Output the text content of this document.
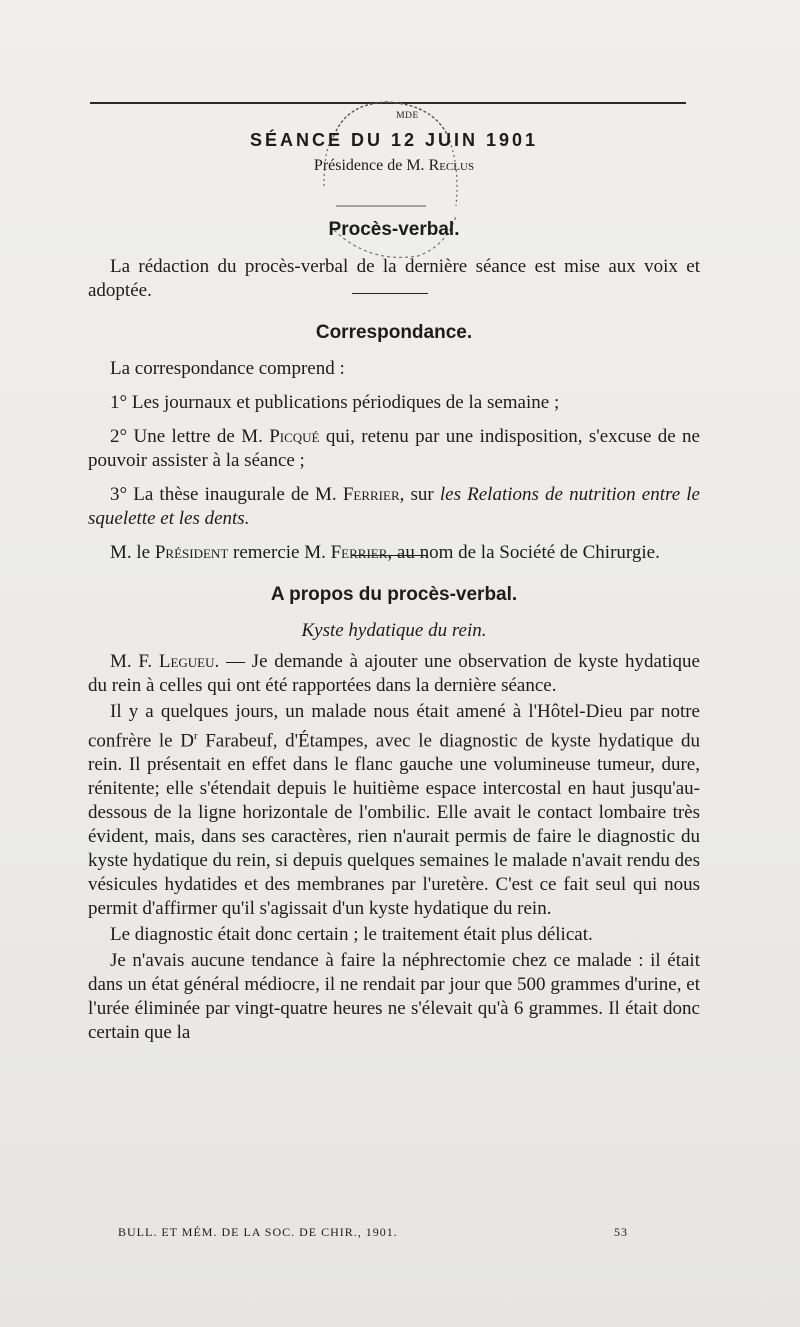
ᴍᴅᴇ
SÉANCE DU 12 JUIN 1901
Présidence de M. Reclus
Procès-verbal.

La rédaction du procès-verbal de la dernière séance est mise aux voix et adoptée.

Correspondance.

La correspondance comprend :

1° Les journaux et publications périodiques de la semaine ;

2° Une lettre de M. Picqué qui, retenu par une indisposition, s'excuse de ne pouvoir assister à la séance ;

3° La thèse inaugurale de M. Ferrier, sur les Relations de nutrition entre le squelette et les dents.

M. le Président remercie M. Ferrier, au nom de la Société de Chirurgie.

A propos du procès-verbal.
Kyste hydatique du rein.

M. F. Legueu. — Je demande à ajouter une observation de kyste hydatique du rein à celles qui ont été rapportées dans la dernière séance.

Il y a quelques jours, un malade nous était amené à l'Hôtel-Dieu par notre confrère le $D^r$ Farabeuf, d'Étampes, avec le diagnostic de kyste hydatique du rein. Il présentait en effet dans le flanc gauche une volumineuse tumeur, dure, rénitente; elle s'étendait depuis le huitième espace intercostal en haut jusqu'au-dessous de la ligne horizontale de l'ombilic. Elle avait le contact lombaire très évident, mais, dans ses caractères, rien n'aurait permis de faire le diagnostic du kyste hydatique du rein, si depuis quelques semaines le malade n'avait rendu des vésicules hydatides et des membranes par l'uretère. C'est ce fait seul qui nous permit d'affirmer qu'il s'agissait d'un kyste hydatique du rein.

Le diagnostic était donc certain ; le traitement était plus délicat.

Je n'avais aucune tendance à faire la néphrectomie chez ce malade : il était dans un état général médiocre, il ne rendait par jour que 500 grammes d'urine, et l'urée éliminée par vingt-quatre heures ne s'élevait qu'à 6 grammes. Il était donc certain que la

BULL. ET MÉM. DE LA SOC. DE CHIR., 1901.	53
